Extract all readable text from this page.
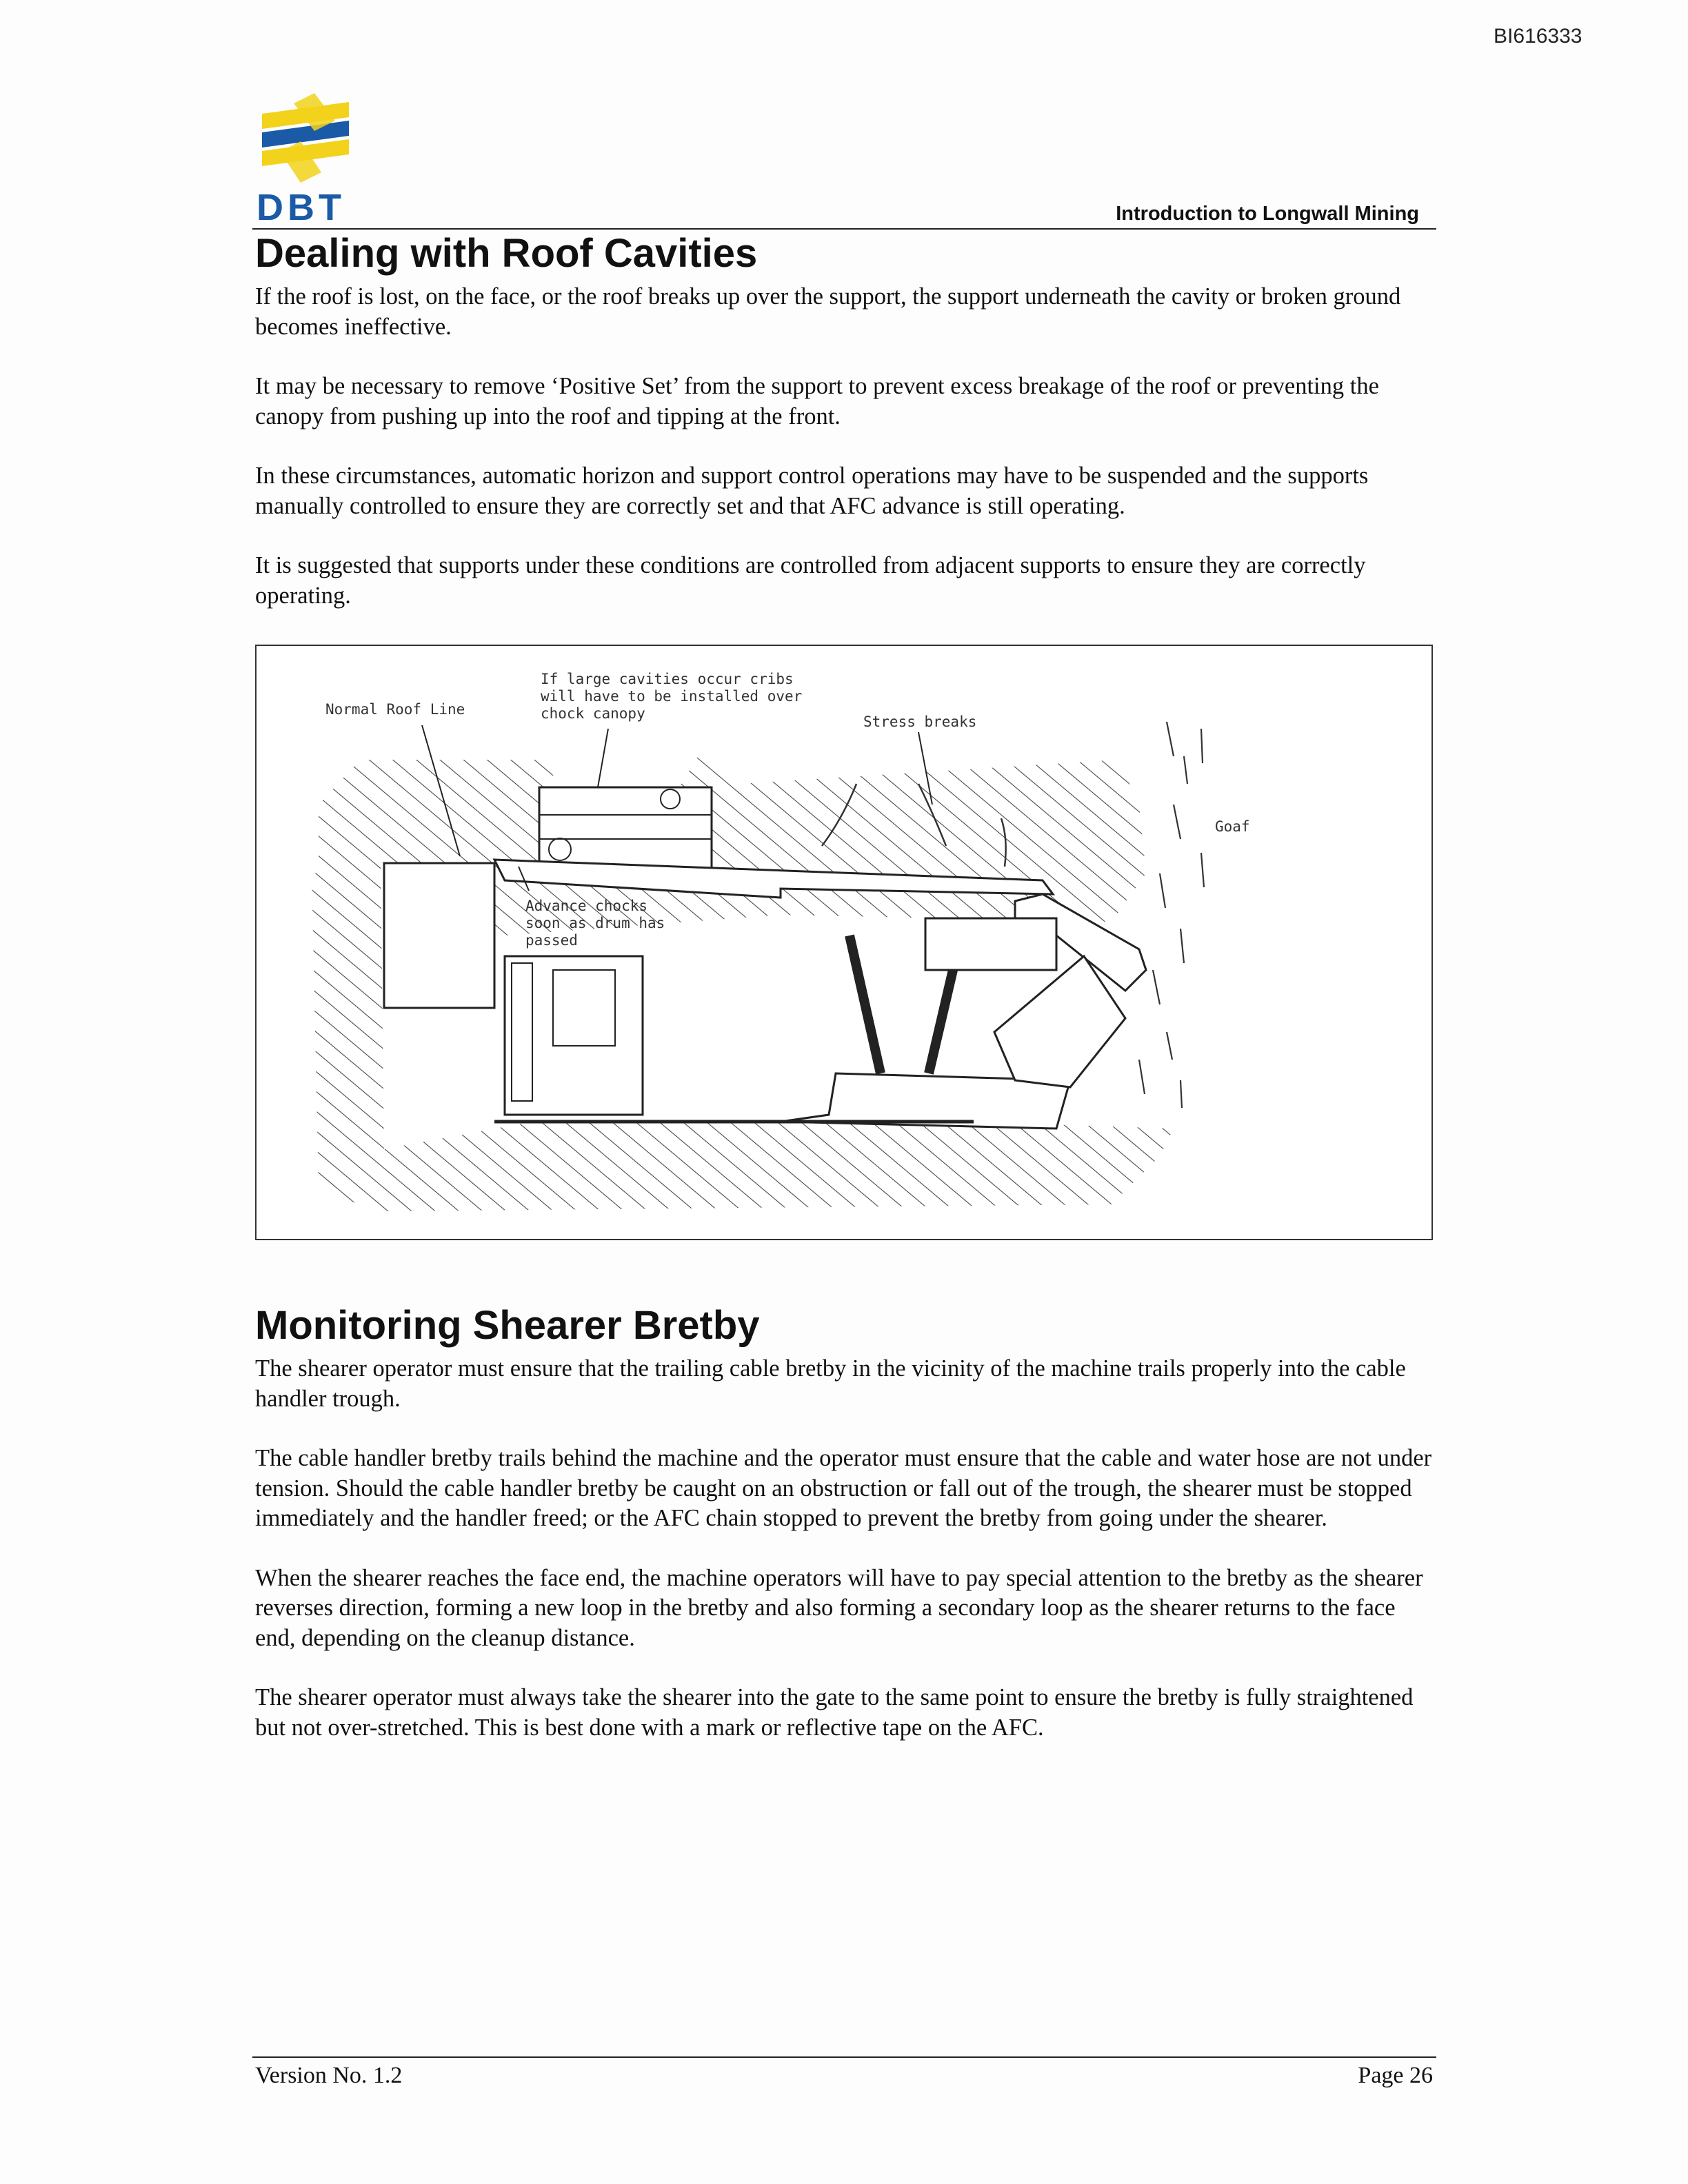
BI616333
DBT	Introduction to Longwall Mining
Dealing with Roof Cavities

If the roof is lost, on the face, or the roof breaks up over the support, the support underneath the cavity or broken ground becomes ineffective.

It may be necessary to remove ‘Positive Set’ from the support to prevent excess breakage of the roof or preventing the canopy from pushing up into the roof and tipping at the front.

In these circumstances, automatic horizon and support control operations may have to be suspended and the supports manually controlled to ensure they are correctly set and that AFC advance is still operating.

It is suggested that supports under these conditions are controlled from adjacent supports to ensure they are correctly operating.

Normal Roof Line
If large cavities occur cribs
will have to be installed over
chock canopy	Stress breaks
Goaf
Advance chocks
soon as drum has
passed
Monitoring Shearer Bretby

The shearer operator must ensure that the trailing cable bretby in the vicinity of the machine trails properly into the cable handler trough.

The cable handler bretby trails behind the machine and the operator must ensure that the cable and water hose are not under tension. Should the cable handler bretby be caught on an obstruction or fall out of the trough, the shearer must be stopped immediately and the handler freed; or the AFC chain stopped to prevent the bretby from going under the shearer.

When the shearer reaches the face end, the machine operators will have to pay special attention to the bretby as the shearer reverses direction, forming a new loop in the bretby and also forming a secondary loop as the shearer returns to the face end, depending on the cleanup distance.

The shearer operator must always take the shearer into the gate to the same point to ensure the bretby is fully straightened but not over-stretched. This is best done with a mark or reflective tape on the AFC.

Version No. 1.2	Page 26
